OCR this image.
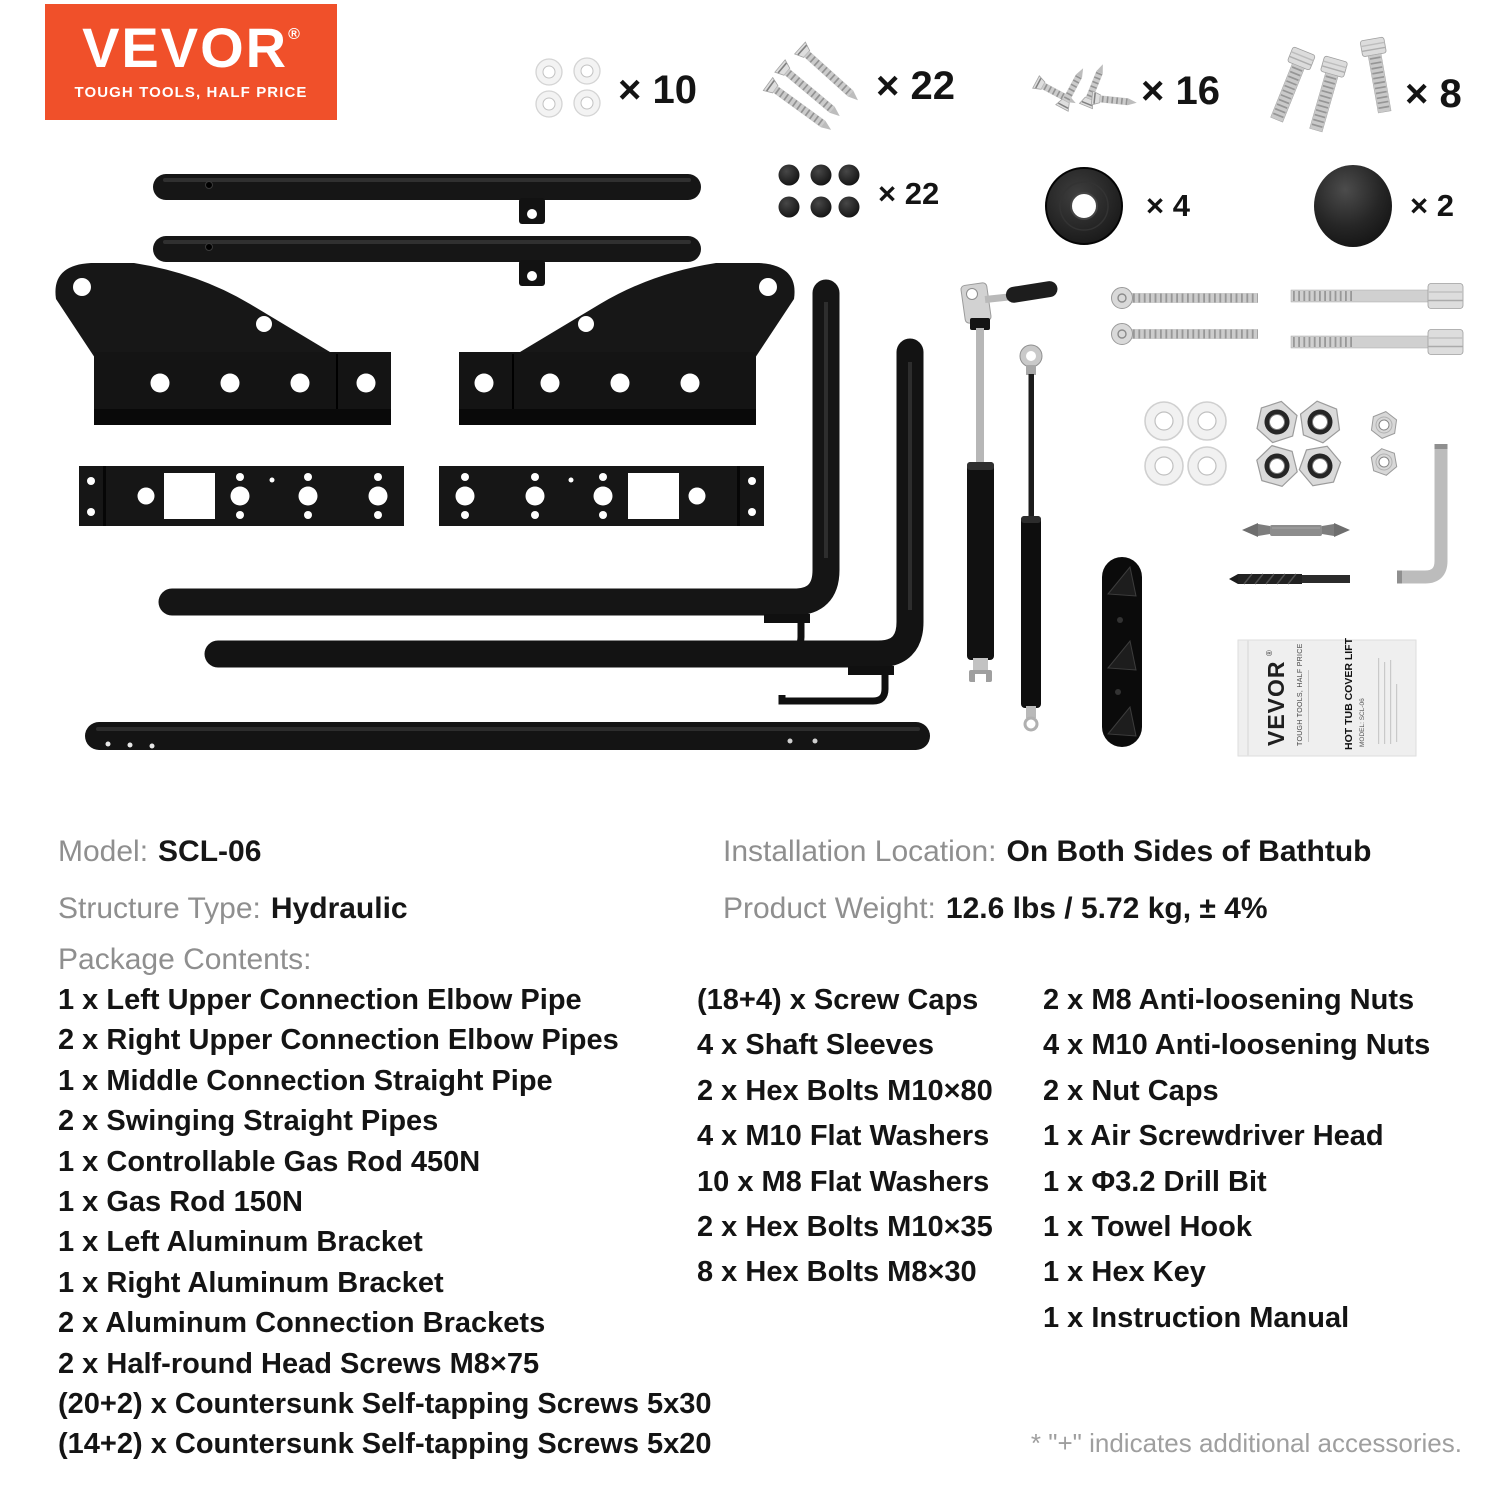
VEVOR®
TOUGH TOOLS, HALF PRICE	× 10	× 22	× 16	× 8
× 22	× 4	× 2
VEVOR
®	TOUGH TOOLS, HALF PRICE	HOT TUB COVER LIFT MODEL: SCL-06
Model: SCL-06	Installation Location: On Both Sides of Bathtub
Structure Type: Hydraulic	Product Weight: 12.6 lbs / 5.72 kg, ± 4%
Package Contents:
1 x Left Upper Connection Elbow Pipe
2 x Right Upper Connection Elbow Pipes
1 x Middle Connection Straight Pipe
2 x Swinging Straight Pipes
1 x Controllable Gas Rod 450N
1 x Gas Rod 150N
1 x Left Aluminum Bracket
1 x Right Aluminum Bracket
2 x Aluminum Connection Brackets
2 x Half-round Head Screws M8×75
(20+2) x Countersunk Self-tapping Screws 5x30
(14+2) x Countersunk Self-tapping Screws 5x20
(18+4) x Screw Caps
4 x Shaft Sleeves
2 x Hex Bolts M10×80
4 x M10 Flat Washers
10 x M8 Flat Washers
2 x Hex Bolts M10×35
8 x Hex Bolts M8×30
2 x M8 Anti-loosening Nuts
4 x M10 Anti-loosening Nuts
2 x Nut Caps
1 x Air Screwdriver Head
1 x Φ3.2 Drill Bit
1 x Towel Hook
1 x Hex Key
1 x Instruction Manual
* "+" indicates additional accessories.
